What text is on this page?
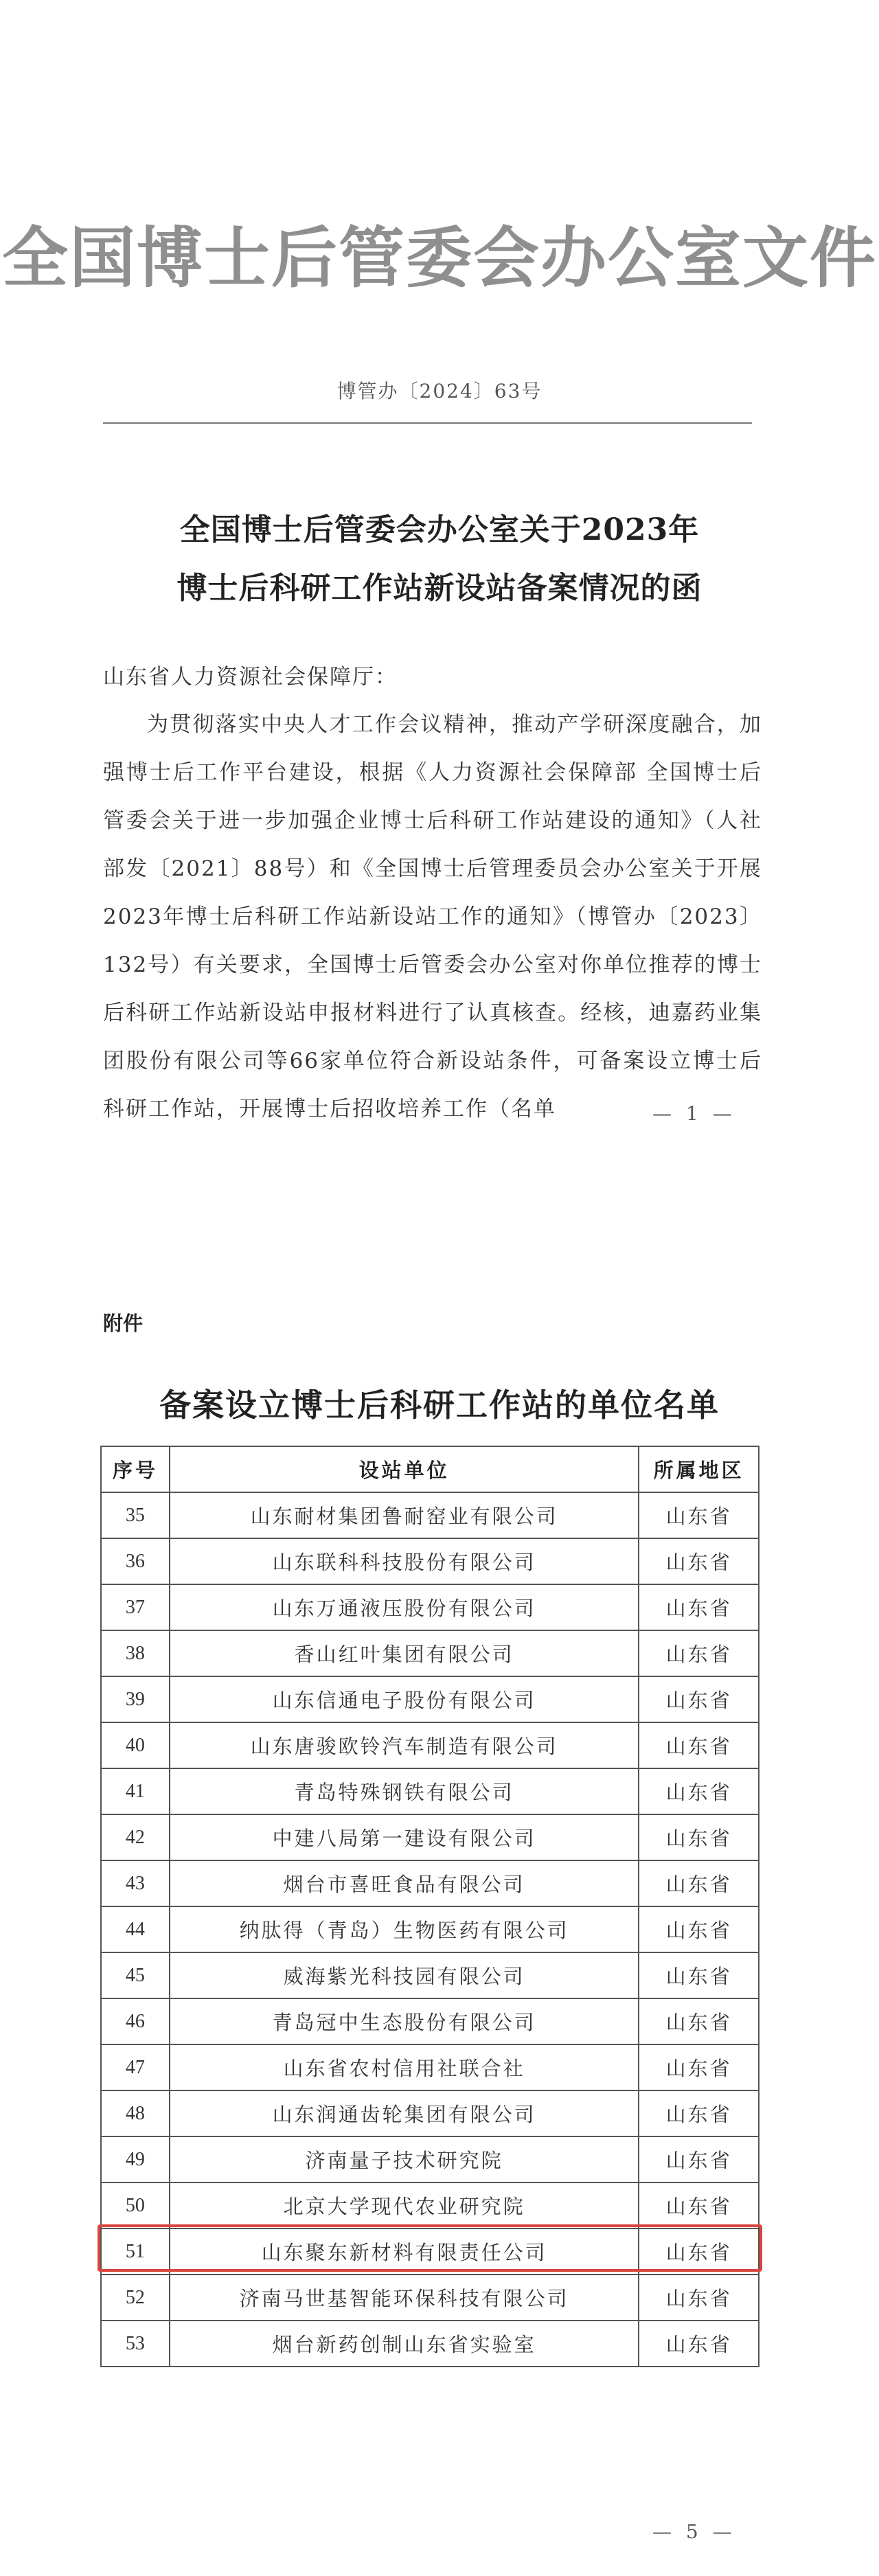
全国博士后管委会办公室文件
博管办〔2024〕63号
全国博士后管委会办公室关于2023年
博士后科研工作站新设站备案情况的函
山东省人力资源社会保障厅：

为贯彻落实中央人才工作会议精神，推动产学研深度融合，加强博士后工作平台建设，根据《人力资源社会保障部 全国博士后管委会关于进一步加强企业博士后科研工作站建设的通知》（人社部发〔2021〕88号）和《全国博士后管理委员会办公室关于开展2023年博士后科研工作站新设站工作的通知》（博管办〔2023〕132号）有关要求，全国博士后管委会办公室对你单位推荐的博士后科研工作站新设站申报材料进行了认真核查。经核，迪嘉药业集团股份有限公司等66家单位符合新设站条件，可备案设立博士后科研工作站，开展博士后招收培养工作（名单	— 1 —
附件
备案设立博士后科研工作站的单位名单
序号	设站单位	所属地区
35	山东耐材集团鲁耐窑业有限公司	山东省
36	山东联科科技股份有限公司	山东省
37	山东万通液压股份有限公司	山东省
38	香山红叶集团有限公司	山东省
39	山东信通电子股份有限公司	山东省
40	山东唐骏欧铃汽车制造有限公司	山东省
41	青岛特殊钢铁有限公司	山东省
42	中建八局第一建设有限公司	山东省
43	烟台市喜旺食品有限公司	山东省
44	纳肽得（青岛）生物医药有限公司	山东省
45	威海紫光科技园有限公司	山东省
46	青岛冠中生态股份有限公司	山东省
47	山东省农村信用社联合社	山东省
48	山东润通齿轮集团有限公司	山东省
49	济南量子技术研究院	山东省
50	北京大学现代农业研究院	山东省
51	山东聚东新材料有限责任公司	山东省
52	济南马世基智能环保科技有限公司	山东省
53	烟台新药创制山东省实验室	山东省
— 5 —
